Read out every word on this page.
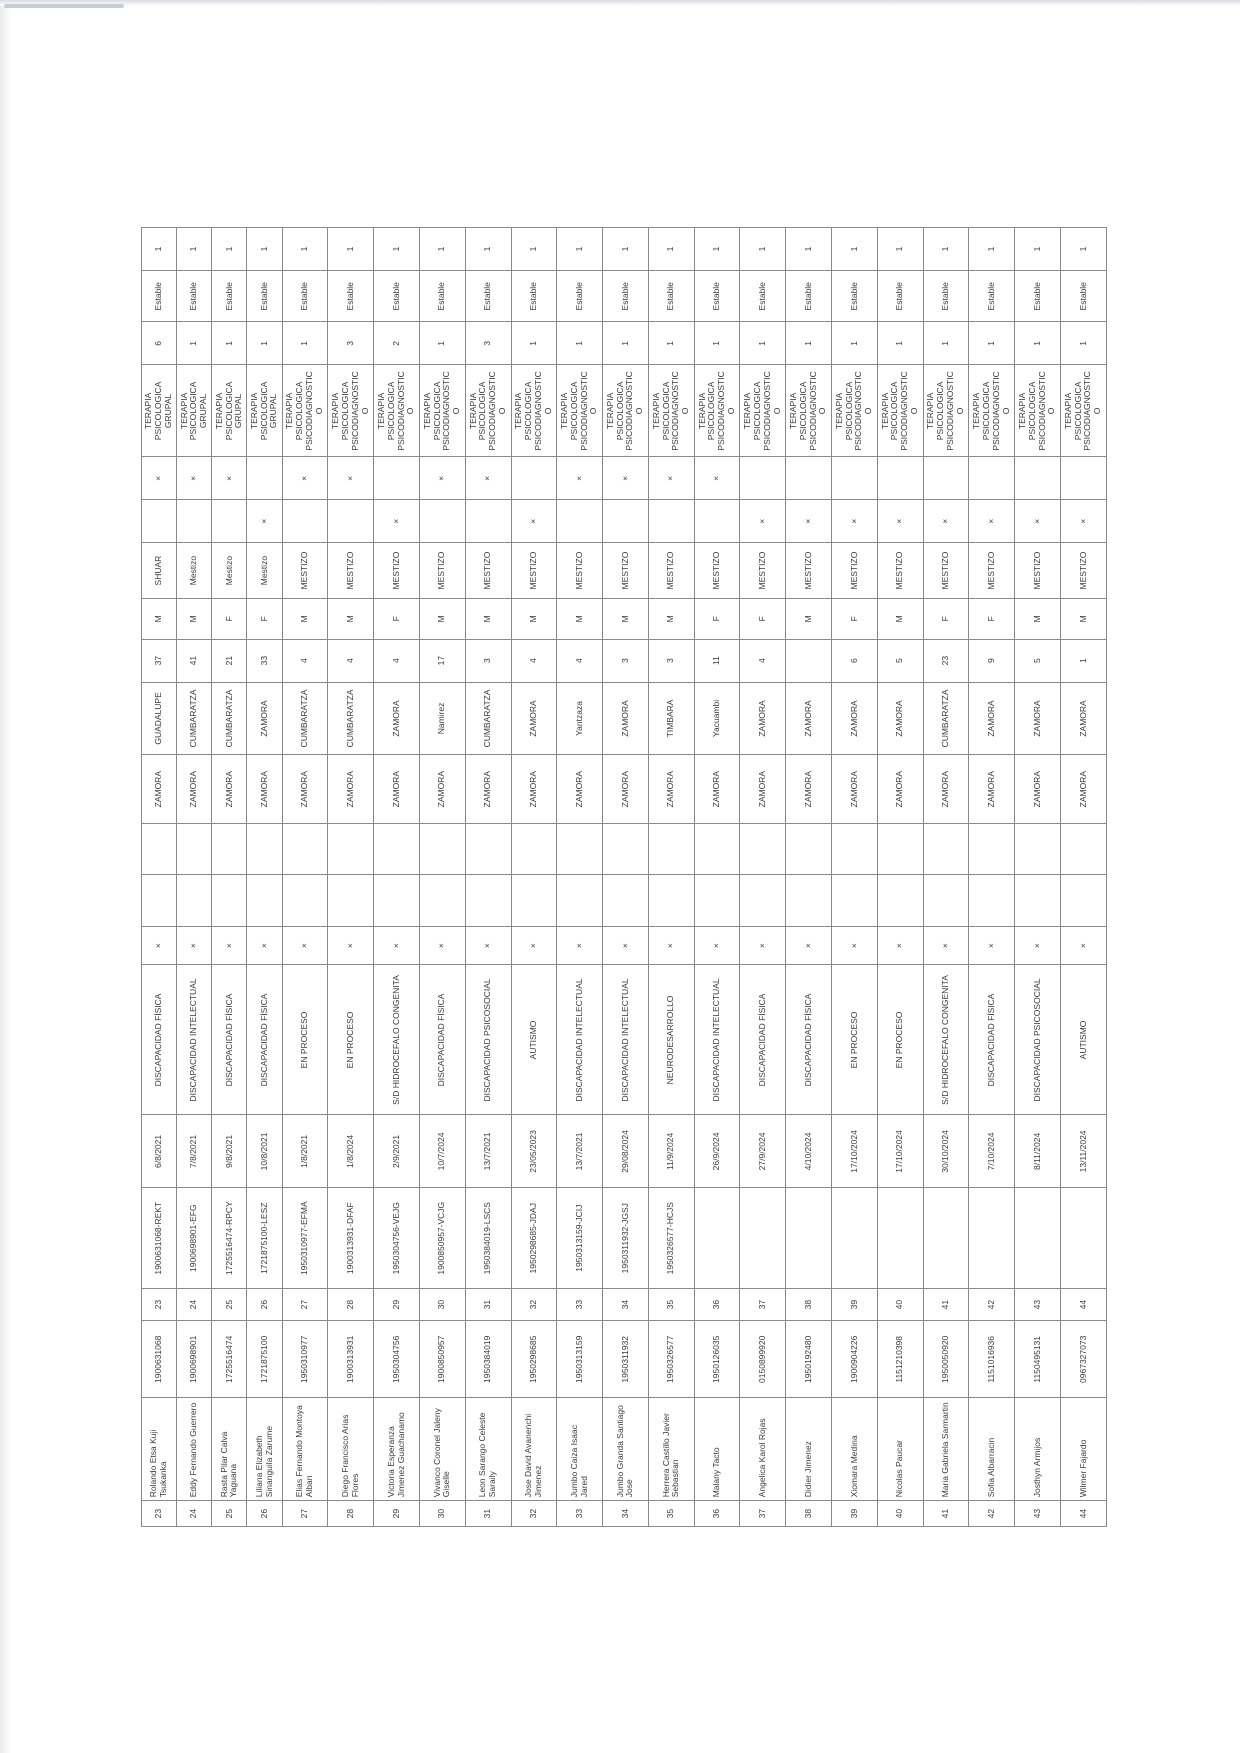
23	Rolando Etsa Kuji Tsukanka	1900631068	23	1900631068-REKT	6/8/2021	DISCAPACIDAD FÍSICA	×			ZAMORA	GUADALUPE	37	M	SHUAR		×	TERAPIA PSICOLOGICA GRUPAL	6	Estable	1
24	Eddy Fernando Guerrero	1900698901	24	1900698901-EFG	7/8/2021	DISCAPACIDAD INTELECTUAL	×			ZAMORA	CUMBARATZA	41	M	Mestizo		×	TERAPIA PSICOLOGICA GRUPAL	1	Estable	1
25	Rasta Pilar Calva Yaguana	1725516474	25	1725516474-RPCY	9/8/2021	DISCAPACIDAD FÍSICA	×			ZAMORA	CUMBARATZA	21	F	Mestizo		×	TERAPIA PSICOLOGICA GRUPAL	1	Estable	1
26	Liliana Elizabeth Sinanguila Zarume	1721875100	26	1721875100-LESZ	10/8/2021	DISCAPACIDAD FÍSICA	×			ZAMORA	ZAMORA	33	F	Mestizo	×		TERAPIA PSICOLOGICA GRUPAL	1	Estable	1
27	Elias Fernando Montoya Alban	1950310977	27	1950310977-EFMA	1/8/2021	EN PROCESO	×			ZAMORA	CUMBARATZA	4	M	MESTIZO		×	TERAPIA PSICOLOGICA PSICODIAGNOSTICO	1	Estable	1
28	Diego Francisco Arias Flores	1900313931	28	1900313931-DFAF	1/8/2024	EN PROCESO	×			ZAMORA	CUMBARATZA	4	M	MESTIZO		×	TERAPIA PSICOLOGICA PSICODIAGNOSTICO	3	Estable	1
29	Victoria Esperanza Jimenez Guachanamo	1950304756	29	1950304756-VEJG	2/9/2021	S/D HIDROCEFALO CONGENITA	×			ZAMORA	ZAMORA	4	F	MESTIZO	×		TERAPIA PSICOLOGICA PSICODIAGNOSTICO	2	Estable	1
30	Vivanco Coronel Jaleny Giselle	1900850957	30	1900850957-VCJG	10/7/2024	DISCAPACIDAD FÍSICA	×			ZAMORA	Namirez	17	M	MESTIZO		×	TERAPIA PSICOLOGICA PSICODIAGNOSTICO	1	Estable	1
31	Leon Sarango Celeste Saraily	1950384019	31	1950384019-LSCS	13/7/2021	DISCAPACIDAD PSICOSOCIAL	×			ZAMORA	CUMBARATZA	3	M	MESTIZO		×	TERAPIA PSICOLOGICA PSICODIAGNOSTICO	3	Estable	1
32	Jose David Avanenchi Jimenez	1950298685	32	1950298685-JDAJ	23/05/2023	AUTISMO	×			ZAMORA	ZAMORA	4	M	MESTIZO	×		TERAPIA PSICOLOGICA PSICODIAGNOSTICO	1	Estable	1
33	Jumbo Caiza Isaac Jared	1950313159	33	1950313159-JCIJ	13/7/2021	DISCAPACIDAD INTELECTUAL	×			ZAMORA	Yantzaza	4	M	MESTIZO		×	TERAPIA PSICOLOGICA PSICODIAGNOSTICO	1	Estable	1
34	Jumbo Granda Santiago Jose	1950311932	34	1950311932-JGSJ	29/08/2024	DISCAPACIDAD INTELECTUAL	×			ZAMORA	ZAMORA	3	M	MESTIZO		×	TERAPIA PSICOLOGICA PSICODIAGNOSTICO	1	Estable	1
35	Herrera Castillo Javier Sebastian	1950326577	35	1950326577-HCJS	11/9/2024	NEURODESARROLLO	×			ZAMORA	TIMBARA	3	M	MESTIZO		×	TERAPIA PSICOLOGICA PSICODIAGNOSTICO	1	Estable	1
36	Malany Tacto	1950126035	36		26/9/2024	DISCAPACIDAD INTELECTUAL	×			ZAMORA	Yacuambi	11	F	MESTIZO		×	TERAPIA PSICOLOGICA PSICODIAGNOSTICO	1	Estable	1
37	Angelica Karol Rojas	0150899920	37		27/9/2024	DISCAPACIDAD FÍSICA	×			ZAMORA	ZAMORA	4	F	MESTIZO	×		TERAPIA PSICOLOGICA PSICODIAGNOSTICO	1	Estable	1
38	Didier Jimenez	1950192480	38		4/10/2024	DISCAPACIDAD FÍSICA	×			ZAMORA	ZAMORA		M	MESTIZO	×		TERAPIA PSICOLOGICA PSICODIAGNOSTICO	1	Estable	1
39	Xiomara Medina	1900904226	39		17/10/2024	EN PROCESO	×			ZAMORA	ZAMORA	6	F	MESTIZO	×		TERAPIA PSICOLOGICA PSICODIAGNOSTICO	1	Estable	1
40	Nicolas Paucar	1151210398	40		17/10/2024	EN PROCESO	×			ZAMORA	ZAMORA	5	M	MESTIZO	×		TERAPIA PSICOLOGICA PSICODIAGNOSTICO	1	Estable	1
41	Maria Gabriela Sarmartin	1950050920	41		30/10/2024	S/D HIDROCEFALO CONGENITA	×			ZAMORA	CUMBARATZA	23	F	MESTIZO	×		TERAPIA PSICOLOGICA PSICODIAGNOSTICO	1	Estable	1
42	Sofia Albarracin	1151016936	42		7/10/2024	DISCAPACIDAD FÍSICA	×			ZAMORA	ZAMORA	9	F	MESTIZO	×		TERAPIA PSICOLOGICA PSICODIAGNOSTICO	1	Estable	1
43	Josthyn Armijos	1150495131	43		8/11/2024	DISCAPACIDAD PSICOSOCIAL	×			ZAMORA	ZAMORA	5	M	MESTIZO	×		TERAPIA PSICOLOGICA PSICODIAGNOSTICO	1	Estable	1
44	Wilmer Fajardo	0967327073	44		13/11/2024	AUTISMO	×			ZAMORA	ZAMORA	1	M	MESTIZO	×		TERAPIA PSICOLOGICA PSICODIAGNOSTICO	1	Estable	1
